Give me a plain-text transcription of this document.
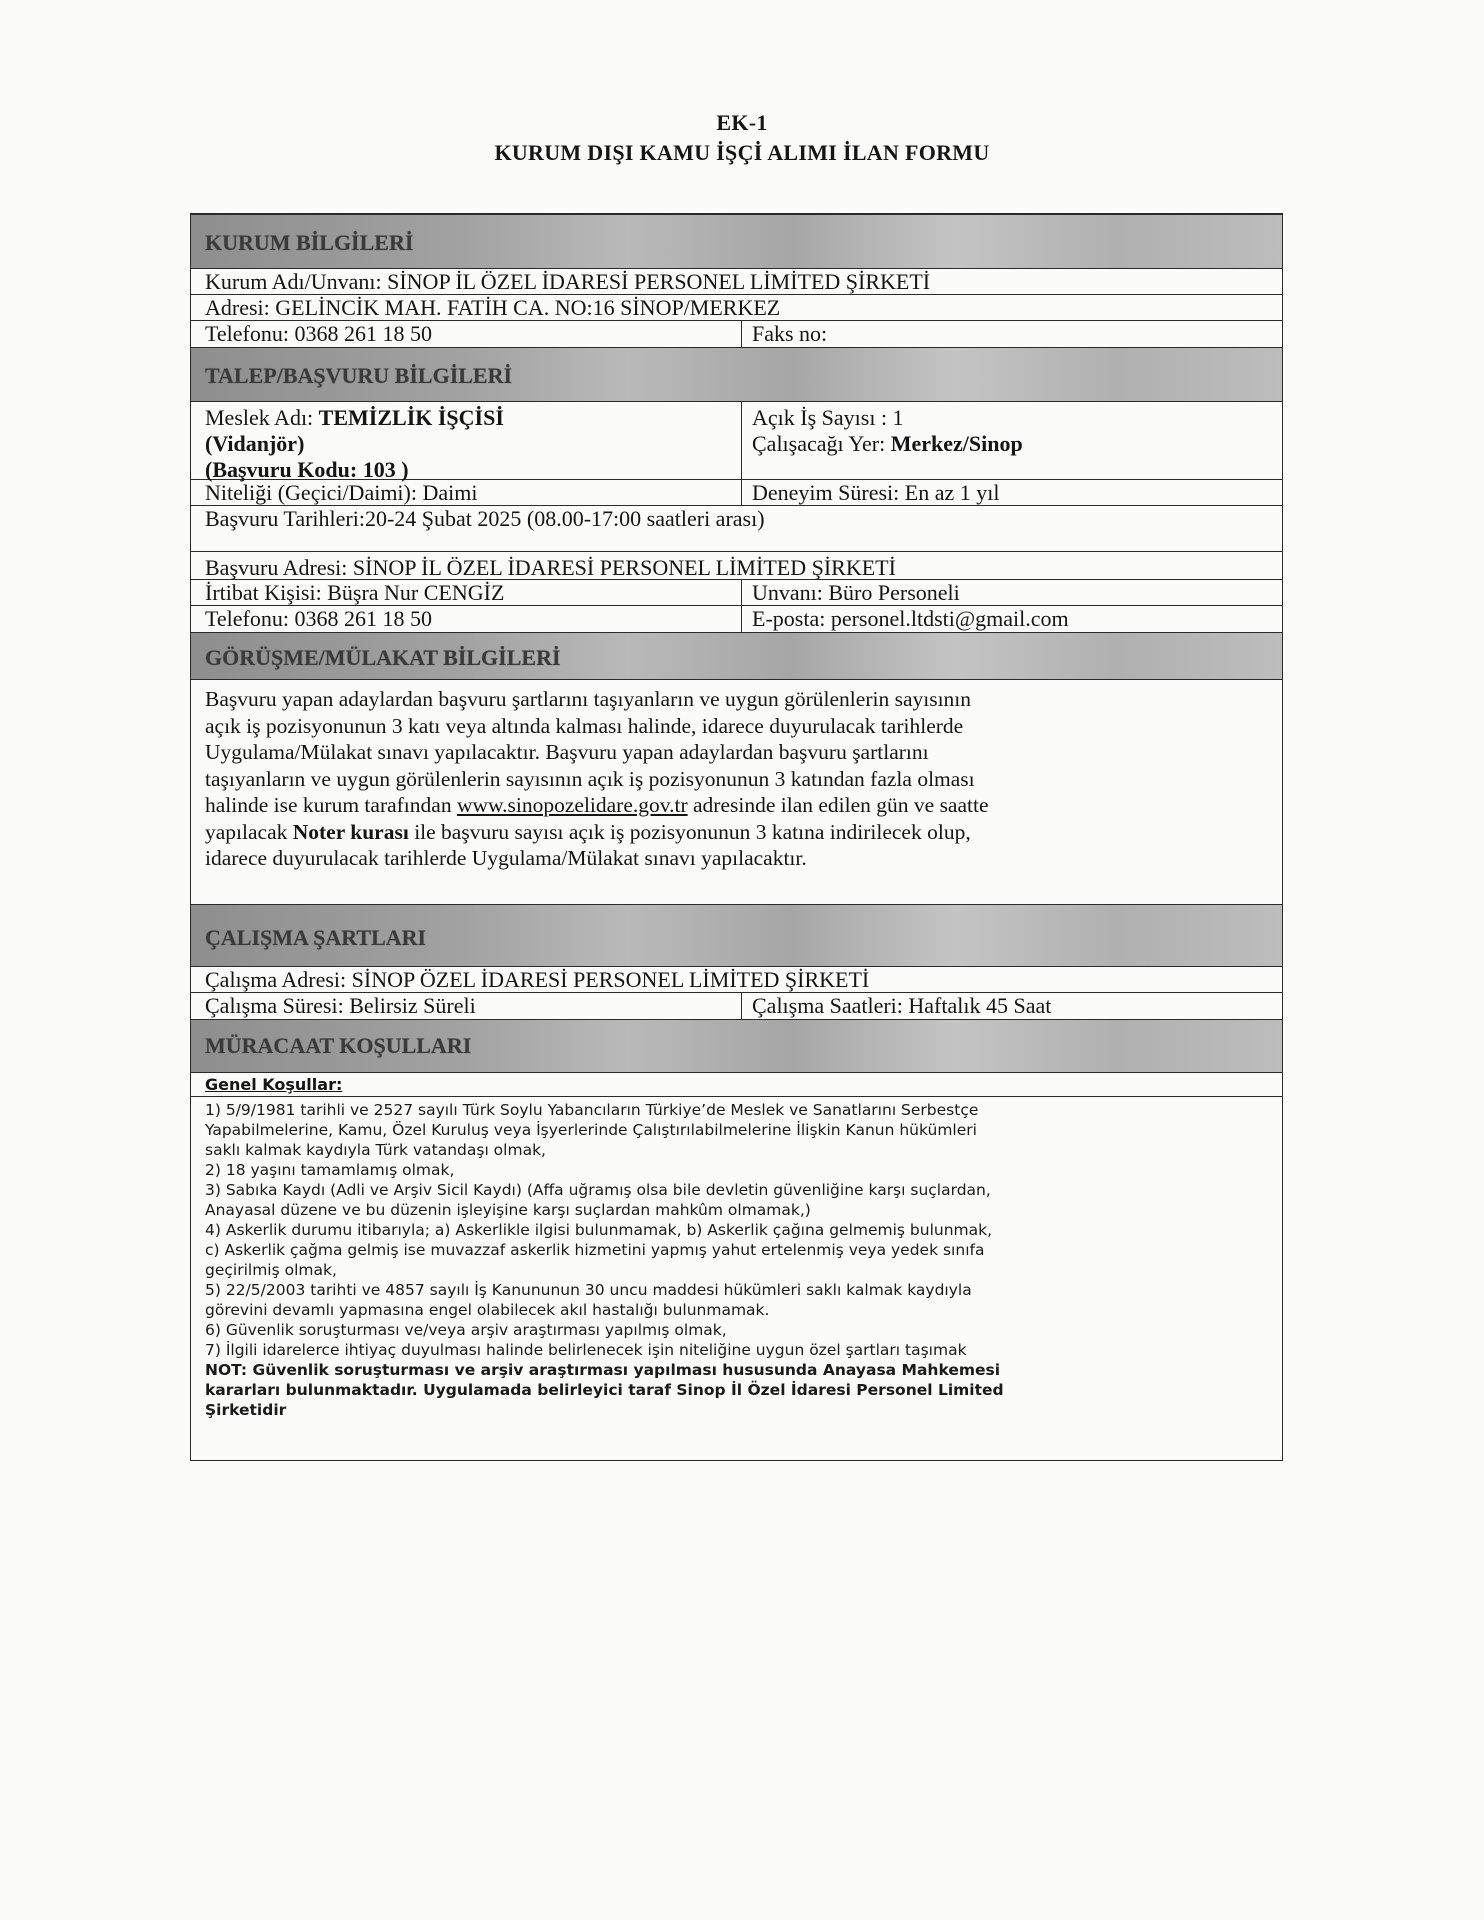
EK-1
KURUM DIŞI KAMU İŞÇİ ALIMI İLAN FORMU
KURUM BİLGİLERİ
Kurum Adı/Unvanı: SİNOP İL ÖZEL İDARESİ PERSONEL LİMİTED ŞİRKETİ
Adresi: GELİNCİK MAH. FATİH CA. NO:16 SİNOP/MERKEZ
Telefonu: 0368 261 18 50	Faks no:
TALEP/BAŞVURU BİLGİLERİ
Meslek Adı: TEMİZLİK İŞÇİSİ
(Vidanjör)
(Başvuru Kodu: 103 )
Açık İş Sayısı : 1
Çalışacağı Yer: Merkez/Sinop
Niteliği (Geçici/Daimi): Daimi	Deneyim Süresi: En az 1 yıl
Başvuru Tarihleri:20-24 Şubat 2025 (08.00-17:00 saatleri arası)
Başvuru Adresi: SİNOP İL ÖZEL İDARESİ PERSONEL LİMİTED ŞİRKETİ
İrtibat Kişisi: Büşra Nur CENGİZ	Unvanı: Büro Personeli
Telefonu: 0368 261 18 50	E-posta: personel.ltdsti@gmail.com
GÖRÜŞME/MÜLAKAT BİLGİLERİ
Başvuru yapan adaylardan başvuru şartlarını taşıyanların ve uygun görülenlerin sayısının
açık iş pozisyonunun 3 katı veya altında kalması halinde, idarece duyurulacak tarihlerde
Uygulama/Mülakat sınavı yapılacaktır. Başvuru yapan adaylardan başvuru şartlarını
taşıyanların ve uygun görülenlerin sayısının açık iş pozisyonunun 3 katından fazla olması
halinde ise kurum tarafından www.sinopozelidare.gov.tr adresinde ilan edilen gün ve saatte
yapılacak Noter kurası ile başvuru sayısı açık iş pozisyonunun 3 katına indirilecek olup,
idarece duyurulacak tarihlerde Uygulama/Mülakat sınavı yapılacaktır.
ÇALIŞMA ŞARTLARI
Çalışma Adresi: SİNOP ÖZEL İDARESİ PERSONEL LİMİTED ŞİRKETİ
Çalışma Süresi: Belirsiz Süreli	Çalışma Saatleri: Haftalık 45 Saat
MÜRACAAT KOŞULLARI
Genel Koşullar:
1) 5/9/1981 tarihli ve 2527 sayılı Türk Soylu Yabancıların Türkiye’de Meslek ve Sanatlarını Serbestçe
Yapabilmelerine, Kamu, Özel Kuruluş veya İşyerlerinde Çalıştırılabilmelerine İlişkin Kanun hükümleri
saklı kalmak kaydıyla Türk vatandaşı olmak,
2) 18 yaşını tamamlamış olmak,
3) Sabıka Kaydı (Adli ve Arşiv Sicil Kaydı) (Affa uğramış olsa bile devletin güvenliğine karşı suçlardan,
Anayasal düzene ve bu düzenin işleyişine karşı suçlardan mahkûm olmamak,)
4) Askerlik durumu itibarıyla; a) Askerlikle ilgisi bulunmamak, b) Askerlik çağına gelmemiş bulunmak,
c) Askerlik çağma gelmiş ise muvazzaf askerlik hizmetini yapmış yahut ertelenmiş veya yedek sınıfa
geçirilmiş olmak,
5) 22/5/2003 tarihti ve 4857 sayılı İş Kanununun 30 uncu maddesi hükümleri saklı kalmak kaydıyla
görevini devamlı yapmasına engel olabilecek akıl hastalığı bulunmamak.
6) Güvenlik soruşturması ve/veya arşiv araştırması yapılmış olmak,
7) İlgili idarelerce ihtiyaç duyulması halinde belirlenecek işin niteliğine uygun özel şartları taşımak
NOT: Güvenlik soruşturması ve arşiv araştırması yapılması hususunda Anayasa Mahkemesi
kararları bulunmaktadır. Uygulamada belirleyici taraf Sinop İl Özel İdaresi Personel Limited
Şirketidir
